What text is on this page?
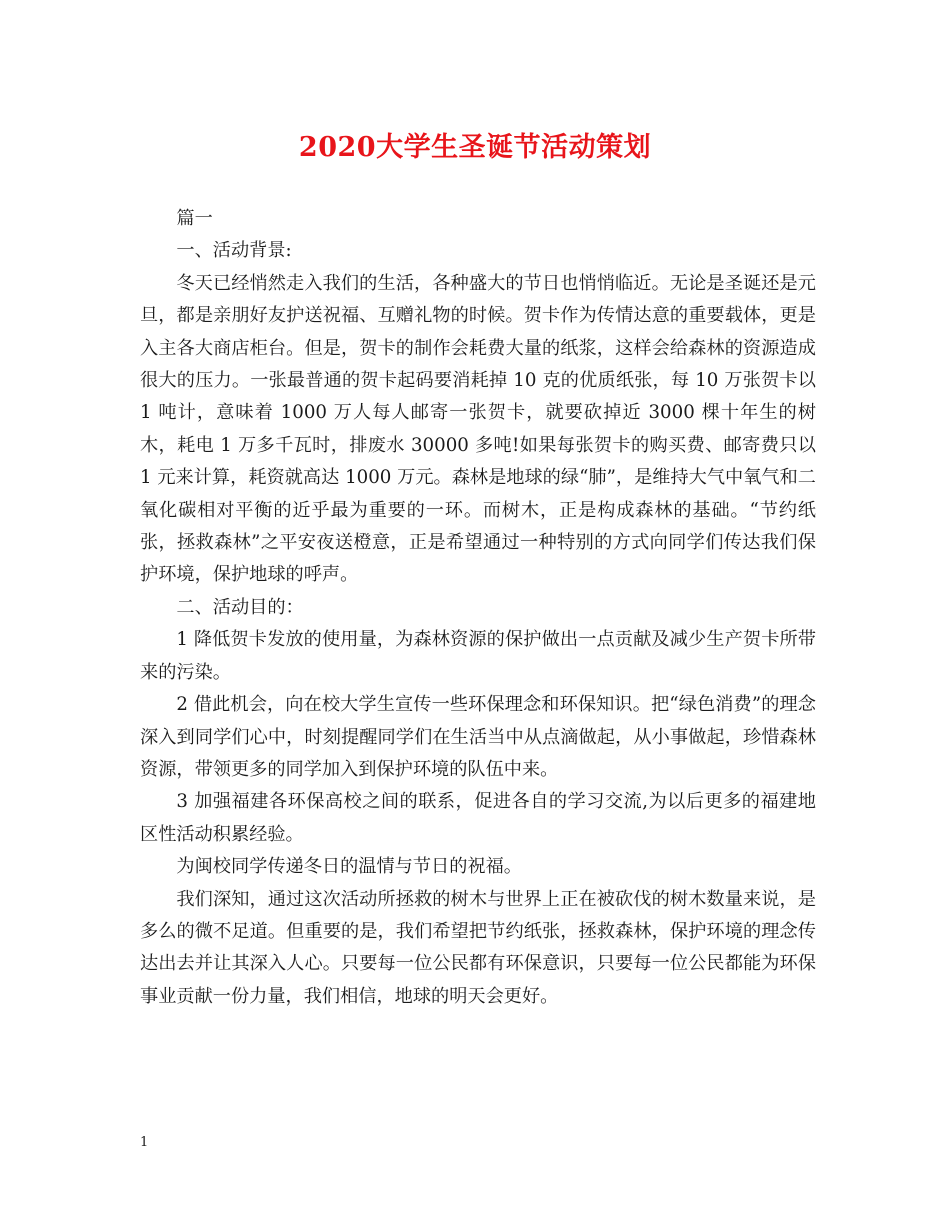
2020大学生圣诞节活动策划

篇一

一、活动背景:

冬天已经悄然走入我们的生活，各种盛大的节日也悄悄临近。无论是圣诞还是元旦，都是亲朋好友护送祝福、互赠礼物的时候。贺卡作为传情达意的重要载体，更是入主各大商店柜台。但是，贺卡的制作会耗费大量的纸浆，这样会给森林的资源造成很大的压力。一张最普通的贺卡起码要消耗掉 10 克的优质纸张，每 10 万张贺卡以 1 吨计，意味着 1000 万人每人邮寄一张贺卡，就要砍掉近 3000 棵十年生的树木，耗电 1 万多千瓦时，排废水 30000 多吨!如果每张贺卡的购买费、邮寄费只以 1 元来计算，耗资就高达 1000 万元。森林是地球的绿“肺”，是维持大气中氧气和二氧化碳相对平衡的近乎最为重要的一环。而树木，正是构成森林的基础。“节约纸张，拯救森林”之平安夜送橙意，正是希望通过一种特别的方式向同学们传达我们保护环境，保护地球的呼声。

二、活动目的：

1 降低贺卡发放的使用量，为森林资源的保护做出一点贡献及减少生产贺卡所带来的污染。

2 借此机会，向在校大学生宣传一些环保理念和环保知识。把“绿色消费”的理念深入到同学们心中，时刻提醒同学们在生活当中从点滴做起，从小事做起，珍惜森林资源，带领更多的同学加入到保护环境的队伍中来。

3 加强福建各环保高校之间的联系，促进各自的学习交流,为以后更多的福建地区性活动积累经验。

为闽校同学传递冬日的温情与节日的祝福。

我们深知，通过这次活动所拯救的树木与世界上正在被砍伐的树木数量来说，是多么的微不足道。但重要的是，我们希望把节约纸张，拯救森林，保护环境的理念传达出去并让其深入人心。只要每一位公民都有环保意识，只要每一位公民都能为环保事业贡献一份力量，我们相信，地球的明天会更好。

1
